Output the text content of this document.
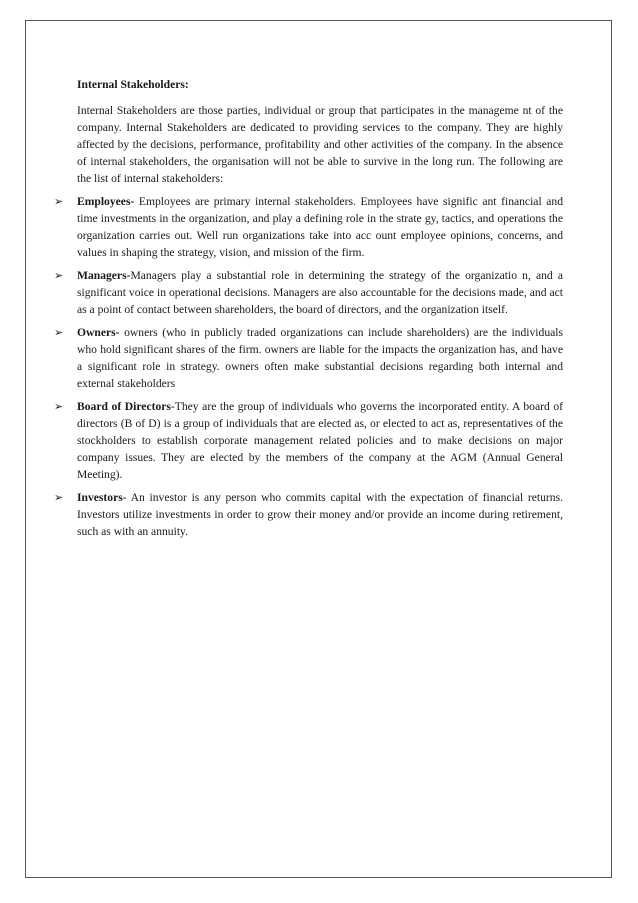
Internal Stakeholders:

Internal Stakeholders are those parties, individual or group that participates in the manageme nt of the company. Internal Stakeholders are dedicated to providing services to the company. They are highly affected by the decisions, performance, profitability and other activities of the company. In the absence of internal stakeholders, the organisation will not be able to survive in the long run. The following are the list of internal stakeholders:

➢ Employees- Employees are primary internal stakeholders. Employees have signific ant financial and time investments in the organization, and play a defining role in the strate gy, tactics, and operations the organization carries out. Well run organizations take into acc ount employee opinions, concerns, and values in shaping the strategy, vision, and mission of the firm.
➢ Managers-Managers play a substantial role in determining the strategy of the organizatio n, and a significant voice in operational decisions. Managers are also accountable for the decisions made, and act as a point of contact between shareholders, the board of directors, and the organization itself.
➢ Owners- owners (who in publicly traded organizations can include shareholders) are the individuals who hold significant shares of the firm. owners are liable for the impacts the organization has, and have a significant role in strategy. owners often make substantial decisions regarding both internal and external stakeholders
➢ Board of Directors-They are the group of individuals who governs the incorporated entity. A board of directors (B of D) is a group of individuals that are elected as, or elected to act as, representatives of the stockholders to establish corporate management related policies and to make decisions on major company issues. They are elected by the members of the company at the AGM (Annual General Meeting).
➢ Investors- An investor is any person who commits capital with the expectation of financial returns. Investors utilize investments in order to grow their money and/or provide an income during retirement, such as with an annuity.
